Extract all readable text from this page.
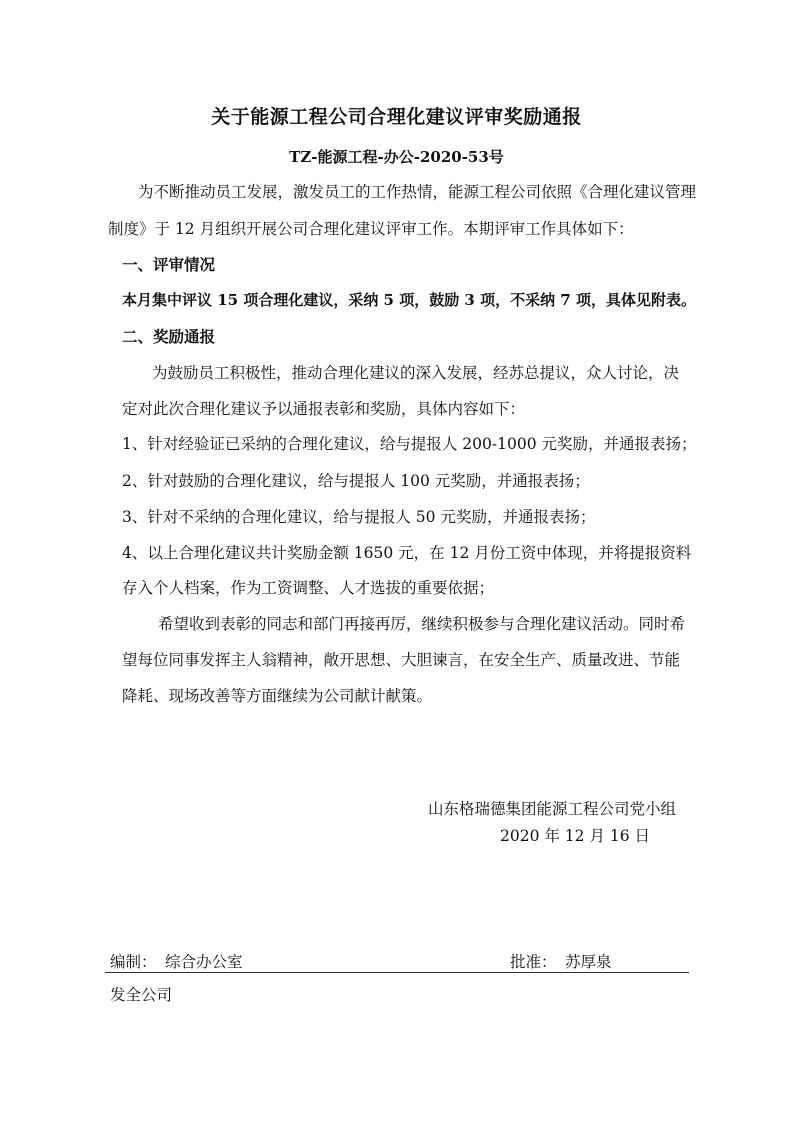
关于能源工程公司合理化建议评审奖励通报
TZ-能源工程-办公-2020-53号
为不断推动员工发展，激发员工的工作热情，能源工程公司依照《合理化建议管理
制度》于 12 月组织开展公司合理化建议评审工作。本期评审工作具体如下：
一、评审情况
本月集中评议 15 项合理化建议，采纳 5 项，鼓励 3 项，不采纳 7 项，具体见附表。
二、奖励通报
为鼓励员工积极性，推动合理化建议的深入发展，经苏总提议，众人讨论，决
定对此次合理化建议予以通报表彰和奖励，具体内容如下：
1、针对经验证已采纳的合理化建议，给与提报人 200-1000 元奖励，并通报表扬；
2、针对鼓励的合理化建议，给与提报人 100 元奖励，并通报表扬；
3、针对不采纳的合理化建议，给与提报人 50 元奖励，并通报表扬；
4、以上合理化建议共计奖励金额 1650 元，在 12 月份工资中体现，并将提报资料
存入个人档案，作为工资调整、人才选拔的重要依据；
希望收到表彰的同志和部门再接再厉，继续积极参与合理化建议活动。同时希
望每位同事发挥主人翁精神，敞开思想、大胆谏言，在安全生产、质量改进、节能
降耗、现场改善等方面继续为公司献计献策。
山东格瑞德集团能源工程公司党小组
2020 年 12 月 16 日
编制： 综合办公室	批准： 苏厚泉
发全公司
